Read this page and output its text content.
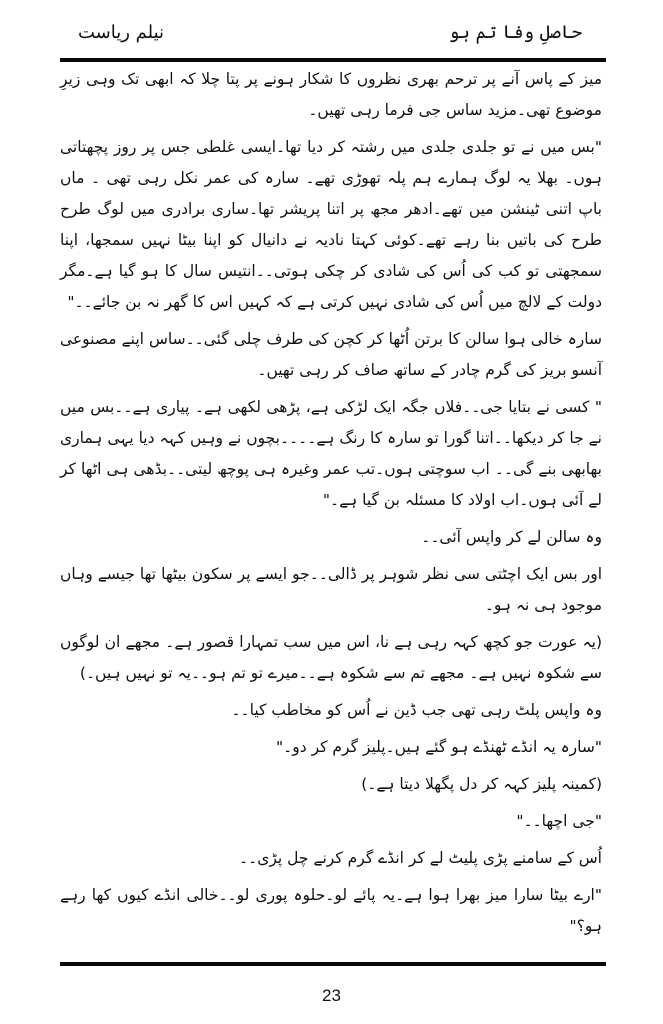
حاصلِ وفا تم ہو
نیلم ریاست

میز کے پاس آنے پر ترحم بھری نظروں کا شکار ہونے پر پتا چلا کہ ابھی تک وہی زیرِ موضوع تھی۔مزید ساس جی فرما رہی تھیں۔

"بس میں نے تو جلدی جلدی میں رشتہ کر دیا تھا۔ایسی غلطی جس پر روز پچھتاتی ہوں۔ بھلا یہ لوگ ہمارے ہم پلہ تھوڑی تھے۔ سارہ کی عمر نکل رہی تھی ۔ ماں باپ اتنی ٹینشن میں تھے۔ادھر مجھ پر اتنا پریشر تھا۔ساری برادری میں لوگ طرح طرح کی باتیں بنا رہے تھے۔کوئی کہتا نادیہ نے دانیال کو اپنا بیٹا نہیں سمجھا، اپنا سمجھتی تو کب کی اُس کی شادی کر چکی ہوتی۔۔انتیس سال کا ہو گیا ہے۔مگر دولت کے لالچ میں اُس کی شادی نہیں کرتی ہے کہ کہیں اس کا گھر نہ بن جائے۔۔"

سارہ خالی ہوا سالن کا برتن اُٹھا کر کچن کی طرف چلی گئی۔۔ساس اپنے مصنوعی آنسو بریز کی گرم چادر کے ساتھ صاف کر رہی تھیں۔

" کسی نے بتایا جی۔۔فلاں جگہ ایک لڑکی ہے، پڑھی لکھی ہے۔ پیاری ہے۔۔بس میں نے جا کر دیکھا۔۔اتنا گورا تو سارہ کا رنگ ہے۔۔۔۔بچوں نے وہیں کہہ دیا یہی ہماری بھابھی بنے گی۔۔ اب سوچتی ہوں۔تب عمر وغیرہ ہی پوچھ لیتی۔۔بڈھی ہی اٹھا کر لے آئی ہوں۔اب اولاد کا مسئلہ بن گیا ہے۔"

وہ سالن لے کر واپس آئی۔۔

اور بس ایک اچٹتی سی نظر شوہر پر ڈالی۔۔جو ایسے پر سکون بیٹھا تھا جیسے وہاں موجود ہی نہ ہو۔

(یہ عورت جو کچھ کہہ رہی ہے نا، اس میں سب تمہارا قصور ہے۔ مجھے ان لوگوں سے شکوہ نہیں ہے۔ مجھے تم سے شکوہ ہے۔۔میرے تو تم ہو۔۔یہ تو نہیں ہیں۔)

وہ واپس پلٹ رہی تھی جب ڈین نے اُس کو مخاطب کیا۔۔

"سارہ یہ انڈے ٹھنڈے ہو گئے ہیں۔پلیز گرم کر دو۔"

(کمینہ پلیز کہہ کر دل پگھلا دیتا ہے۔)

"جی اچھا۔۔"

اُس کے سامنے پڑی پلیٹ لے کر انڈے گرم کرنے چل پڑی۔۔

"ارے بیٹا سارا میز بھرا ہوا ہے۔یہ پائے لو۔حلوہ پوری لو۔۔خالی انڈے کیوں کھا رہے ہو؟"

23
